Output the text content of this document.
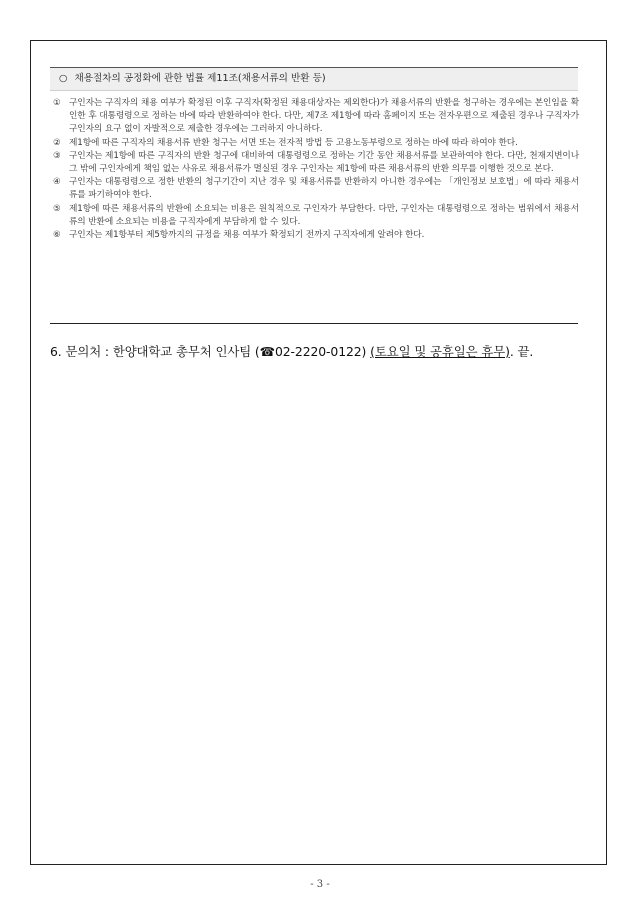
○ 채용절차의 공정화에 관한 법률 제11조(채용서류의 반환 등)
① 구인자는 구직자의 채용 여부가 확정된 이후 구직자(확정된 채용대상자는 제외한다)가 채용서류의 반환을 청구하는 경우에는 본인임을 확인한 후 대통령령으로 정하는 바에 따라 반환하여야 한다. 다만, 제7조 제1항에 따라 홈페이지 또는 전자우편으로 제출된 경우나 구직자가 구인자의 요구 없이 자발적으로 제출한 경우에는 그러하지 아니하다.
② 제1항에 따른 구직자의 채용서류 반환 청구는 서면 또는 전자적 방법 등 고용노동부령으로 정하는 바에 따라 하여야 한다.
③ 구인자는 제1항에 따른 구직자의 반환 청구에 대비하여 대통령령으로 정하는 기간 동안 채용서류를 보관하여야 한다. 다만, 천재지변이나 그 밖에 구인자에게 책임 없는 사유로 채용서류가 멸실된 경우 구인자는 제1항에 따른 채용서류의 반환 의무를 이행한 것으로 본다.
④ 구인자는 대통령령으로 정한 반환의 청구기간이 지난 경우 및 채용서류를 반환하지 아니한 경우에는 「개인정보 보호법」에 따라 채용서류를 파기하여야 한다.
⑤ 제1항에 따른 채용서류의 반환에 소요되는 비용은 원칙적으로 구인자가 부담한다. 다만, 구인자는 대통령령으로 정하는 범위에서 채용서류의 반환에 소요되는 비용을 구직자에게 부담하게 할 수 있다.
⑥ 구인자는 제1항부터 제5항까지의 규정을 채용 여부가 확정되기 전까지 구직자에게 알려야 한다.
6. 문의처 : 한양대학교 총무처 인사팀 (☎02-2220-0122) (토요일 및 공휴일은 휴무). 끝.
- 3 -
